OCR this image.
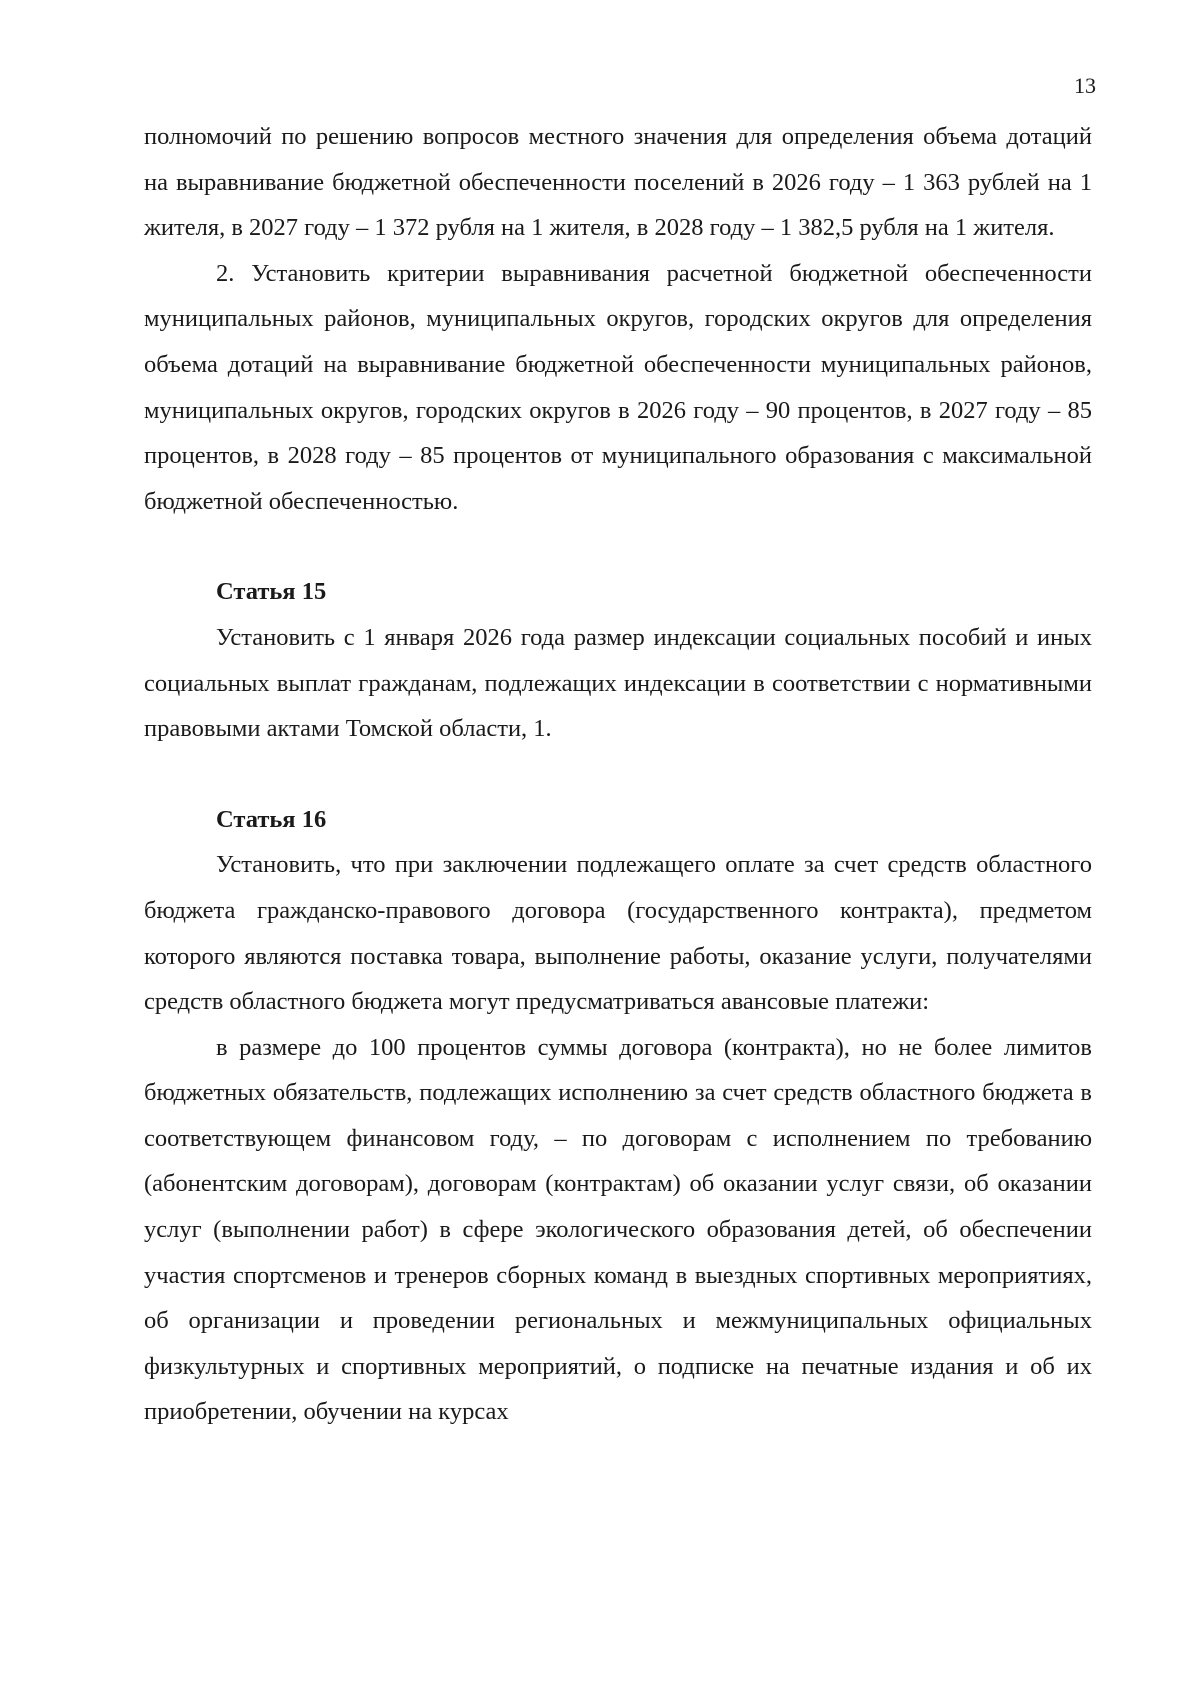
13

полномочий по решению вопросов местного значения для определения объема дотаций на выравнивание бюджетной обеспеченности поселений в 2026 году – 1 363 рублей на 1 жителя, в 2027 году – 1 372 рубля на 1 жителя, в 2028 году – 1 382,5 рубля на 1 жителя.

2. Установить критерии выравнивания расчетной бюджетной обеспеченности муниципальных районов, муниципальных округов, городских округов для определения объема дотаций на выравнивание бюджетной обеспеченности муниципальных районов, муниципальных округов, городских округов в 2026 году – 90 процентов, в 2027 году – 85 процентов, в 2028 году – 85 процентов от муниципального образования с максимальной бюджетной обеспеченностью.

Статья 15

Установить с 1 января 2026 года размер индексации социальных пособий и иных социальных выплат гражданам, подлежащих индексации в соответствии с нормативными правовыми актами Томской области, 1.

Статья 16

Установить, что при заключении подлежащего оплате за счет средств областного бюджета гражданско-правового договора (государственного контракта), предметом которого являются поставка товара, выполнение работы, оказание услуги, получателями средств областного бюджета могут предусматриваться авансовые платежи:

в размере до 100 процентов суммы договора (контракта), но не более лимитов бюджетных обязательств, подлежащих исполнению за счет средств областного бюджета в соответствующем финансовом году, – по договорам с исполнением по требованию (абонентским договорам), договорам (контрактам) об оказании услуг связи, об оказании услуг (выполнении работ) в сфере экологического образования детей, об обеспечении участия спортсменов и тренеров сборных команд в выездных спортивных мероприятиях, об организации и проведении региональных и межмуниципальных официальных физкультурных и спортивных мероприятий, о подписке на печатные издания и об их приобретении, обучении на курсах
